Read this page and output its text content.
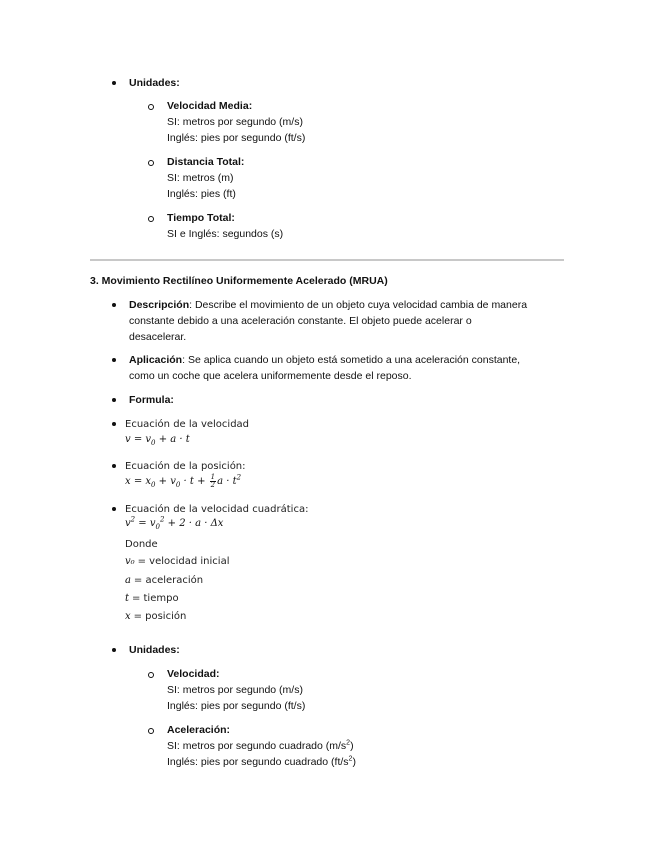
Unidades:
Velocidad Media:
SI: metros por segundo (m/s)
Inglés: pies por segundo (ft/s)
Distancia Total:
SI: metros (m)
Inglés: pies (ft)
Tiempo Total:
SI e Inglés: segundos (s)
3. Movimiento Rectilíneo Uniformemente Acelerado (MRUA)
Descripción: Describe el movimiento de un objeto cuya velocidad cambia de manera
constante debido a una aceleración constante. El objeto puede acelerar o
desacelerar.
Aplicación: Se aplica cuando un objeto está sometido a una aceleración constante,
como un coche que acelera uniformemente desde el reposo.
Formula:
Ecuación de la velocidad
$v = v_0 + a \cdot t$
Ecuación de la posición:
$x = x_0 + v_0 \cdot t + \frac{1}{2}$ $a \cdot t^2$
Ecuación de la velocidad cuadrática:
$v^2 = v_0^2 + 2 \cdot a \cdot \Delta x$
Donde
v₀ = velocidad inicial
a = aceleración
t = tiempo
x = posición
Unidades:
Velocidad:
SI: metros por segundo (m/s)
Inglés: pies por segundo (ft/s)
Aceleración:
SI: metros por segundo cuadrado $(m/s^2)$
Inglés: pies por segundo cuadrado $(ft/s^2)$
